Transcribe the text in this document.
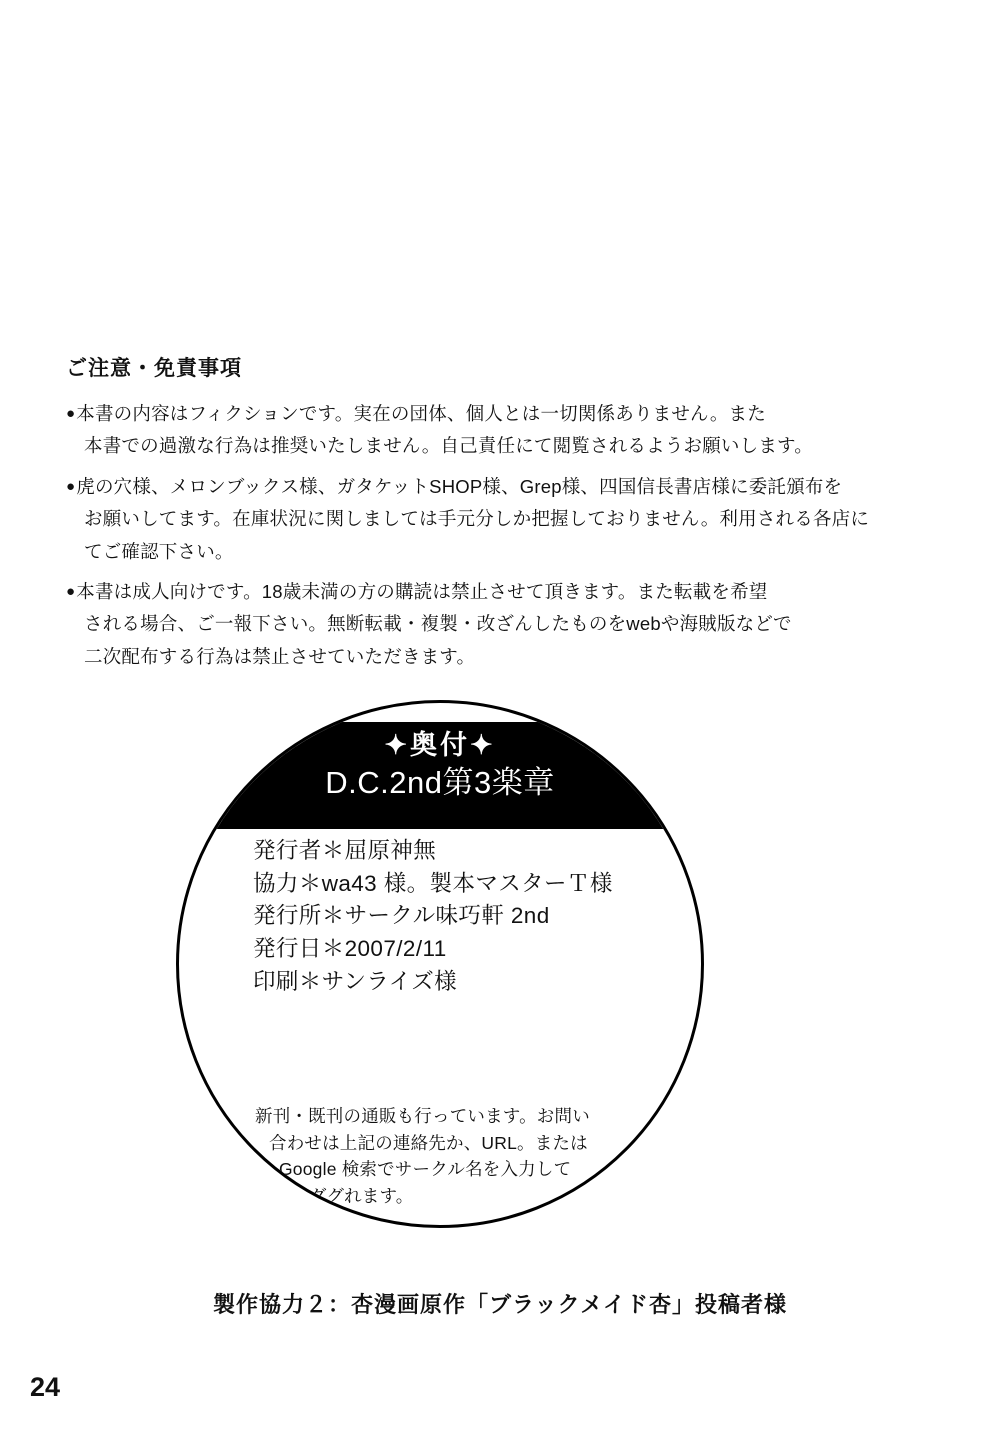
ご注意・免責事項
●本書の内容はフィクションです。実在の団体、個人とは一切関係ありません。また
本書での過激な行為は推奨いたしません。自己責任にて閲覧されるようお願いします。
●虎の穴様、メロンブックス様、ガタケットSHOP様、Grep様、四国信長書店様に委託頒布を
お願いしてます。在庫状況に関しましては手元分しか把握しておりません。利用される各店に
てご確認下さい。
●本書は成人向けです。18歳未満の方の購読は禁止させて頂きます。また転載を希望
される場合、ご一報下さい。無断転載・複製・改ざんしたものをwebや海賊版などで
二次配布する行為は禁止させていただきます。
✦奥付✦
D.C.2nd第3楽章
発行者＊屈原神無
協力＊wa43 様。製本マスターＴ様
発行所＊サークル味巧軒 2nd
発行日＊2007/2/11
印刷＊サンライズ様
新刊・既刊の通販も行っています。お問い
合わせは上記の連絡先か、URL。または
Google 検索でサークル名を入力して
もググれます。
製作協力２：杏漫画原作「ブラックメイド杏」投稿者様
24
